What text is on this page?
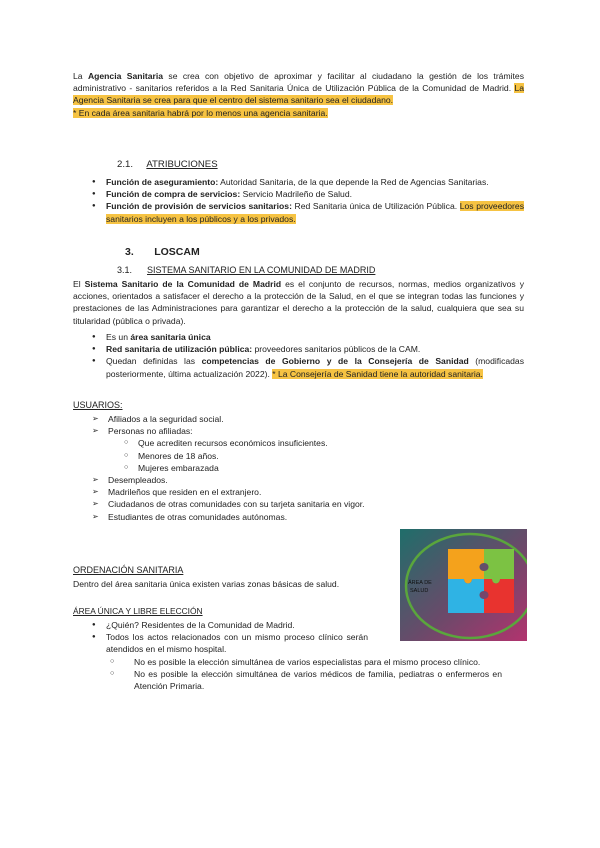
La Agencia Sanitaria se crea con objetivo de aproximar y facilitar al ciudadano la gestión de los trámites administrativo - sanitarios referidos a la Red Sanitaria Única de Utilización Pública de la Comunidad de Madrid. La Agencia Sanitaria se crea para que el centro del sistema sanitario sea el ciudadano.
* En cada área sanitaria habrá por lo menos una agencia sanitaria.
2.1. ATRIBUCIONES
● Función de aseguramiento: Autoridad Sanitaria, de la que depende la Red de Agencias Sanitarias.
● Función de compra de servicios: Servicio Madrileño de Salud.
● Función de provisión de servicios sanitarios: Red Sanitaria única de Utilización Pública. Los proveedores sanitarios incluyen a los públicos y a los privados.
3. LOSCAM
3.1. SISTEMA SANITARIO EN LA COMUNIDAD DE MADRID
El Sistema Sanitario de la Comunidad de Madrid es el conjunto de recursos, normas, medios organizativos y acciones, orientados a satisfacer el derecho a la protección de la Salud, en el que se integran todas las funciones y prestaciones de las Administraciones para garantizar el derecho a la protección de la salud, cualquiera que sea su titularidad (pública o privada).
● Es un área sanitaria única
● Red sanitaria de utilización pública: proveedores sanitarios públicos de la CAM.
● Quedan definidas las competencias de Gobierno y de la Consejería de Sanidad (modificadas posteriormente, última actualización 2022). * La Consejería de Sanidad tiene la autoridad sanitaria.
USUARIOS:
➢ Afiliados a la seguridad social.
➢ Personas no afiliadas:
○ Que acrediten recursos económicos insuficientes.
○ Menores de 18 años.
○ Mujeres embarazada
➢ Desempleados.
➢ Madrileños que residen en el extranjero.
➢ Ciudadanos de otras comunidades con su tarjeta sanitaria en vigor.
➢ Estudiantes de otras comunidades autónomas.
ORDENACIÓN SANITARIA
Dentro del área sanitaria única existen varias zonas básicas de salud.
ÁREA ÚNICA Y LIBRE ELECCIÓN
● ¿Quién? Residentes de la Comunidad de Madrid.
● Todos los actos relacionados con un mismo proceso clínico serán atendidos en el mismo hospital.
○ No es posible la elección simultánea de varios especialistas para el mismo proceso clínico.
○ No es posible la elección simultánea de varios médicos de familia, pediatras o enfermeros en Atención Primaria.
ÁREA DE
SALUD
